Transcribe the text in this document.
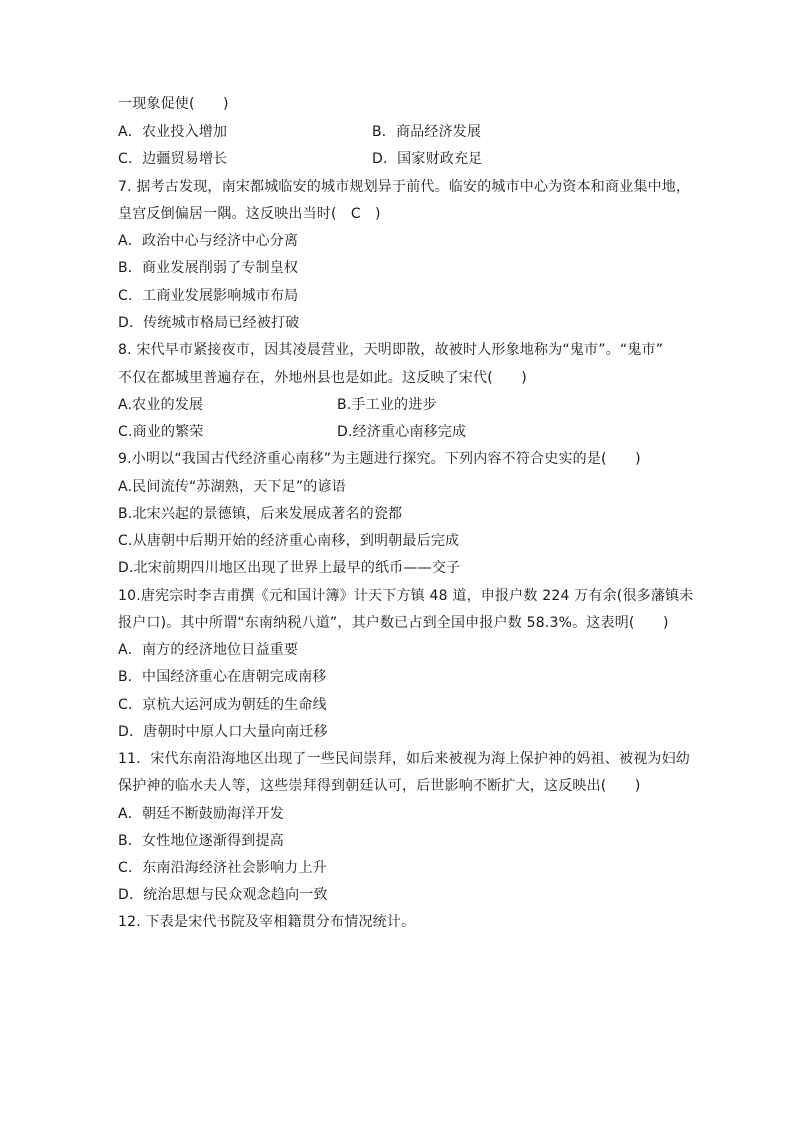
一现象促使(　　)
A．农业投入增加	B．商品经济发展
C．边疆贸易增长	D．国家财政充足
7. 据考古发现，南宋都城临安的城市规划异于前代。临安的城市中心为资本和商业集中地，
皇宫反倒偏居一隅。这反映出当时(　C　)
A．政治中心与经济中心分离
B．商业发展削弱了专制皇权
C．工商业发展影响城市布局
D．传统城市格局已经被打破
8. 宋代早市紧接夜市，因其凌晨营业，天明即散，故被时人形象地称为“鬼市”。“鬼市”
不仅在都城里普遍存在，外地州县也是如此。这反映了宋代(　　)
A.农业的发展	B.手工业的进步
C.商业的繁荣	D.经济重心南移完成
9.小明以“我国古代经济重心南移”为主题进行探究。下列内容不符合史实的是(　　)
A.民间流传“苏湖熟，天下足”的谚语
B.北宋兴起的景德镇，后来发展成著名的瓷都
C.从唐朝中后期开始的经济重心南移，到明朝最后完成
D.北宋前期四川地区出现了世界上最早的纸币——交子
10.唐宪宗时李吉甫撰《元和国计簿》计天下方镇 48 道，申报户数 224 万有余(很多藩镇未
报户口)。其中所谓“东南纳税八道”，其户数已占到全国申报户数 58.3%。这表明(　　)
A．南方的经济地位日益重要
B．中国经济重心在唐朝完成南移
C．京杭大运河成为朝廷的生命线
D．唐朝时中原人口大量向南迁移
11．宋代东南沿海地区出现了一些民间崇拜，如后来被视为海上保护神的妈祖、被视为妇幼
保护神的临水夫人等，这些崇拜得到朝廷认可，后世影响不断扩大，这反映出(　　)
A．朝廷不断鼓励海洋开发
B．女性地位逐渐得到提高
C．东南沿海经济社会影响力上升
D．统治思想与民众观念趋向一致
12. 下表是宋代书院及宰相籍贯分布情况统计。
